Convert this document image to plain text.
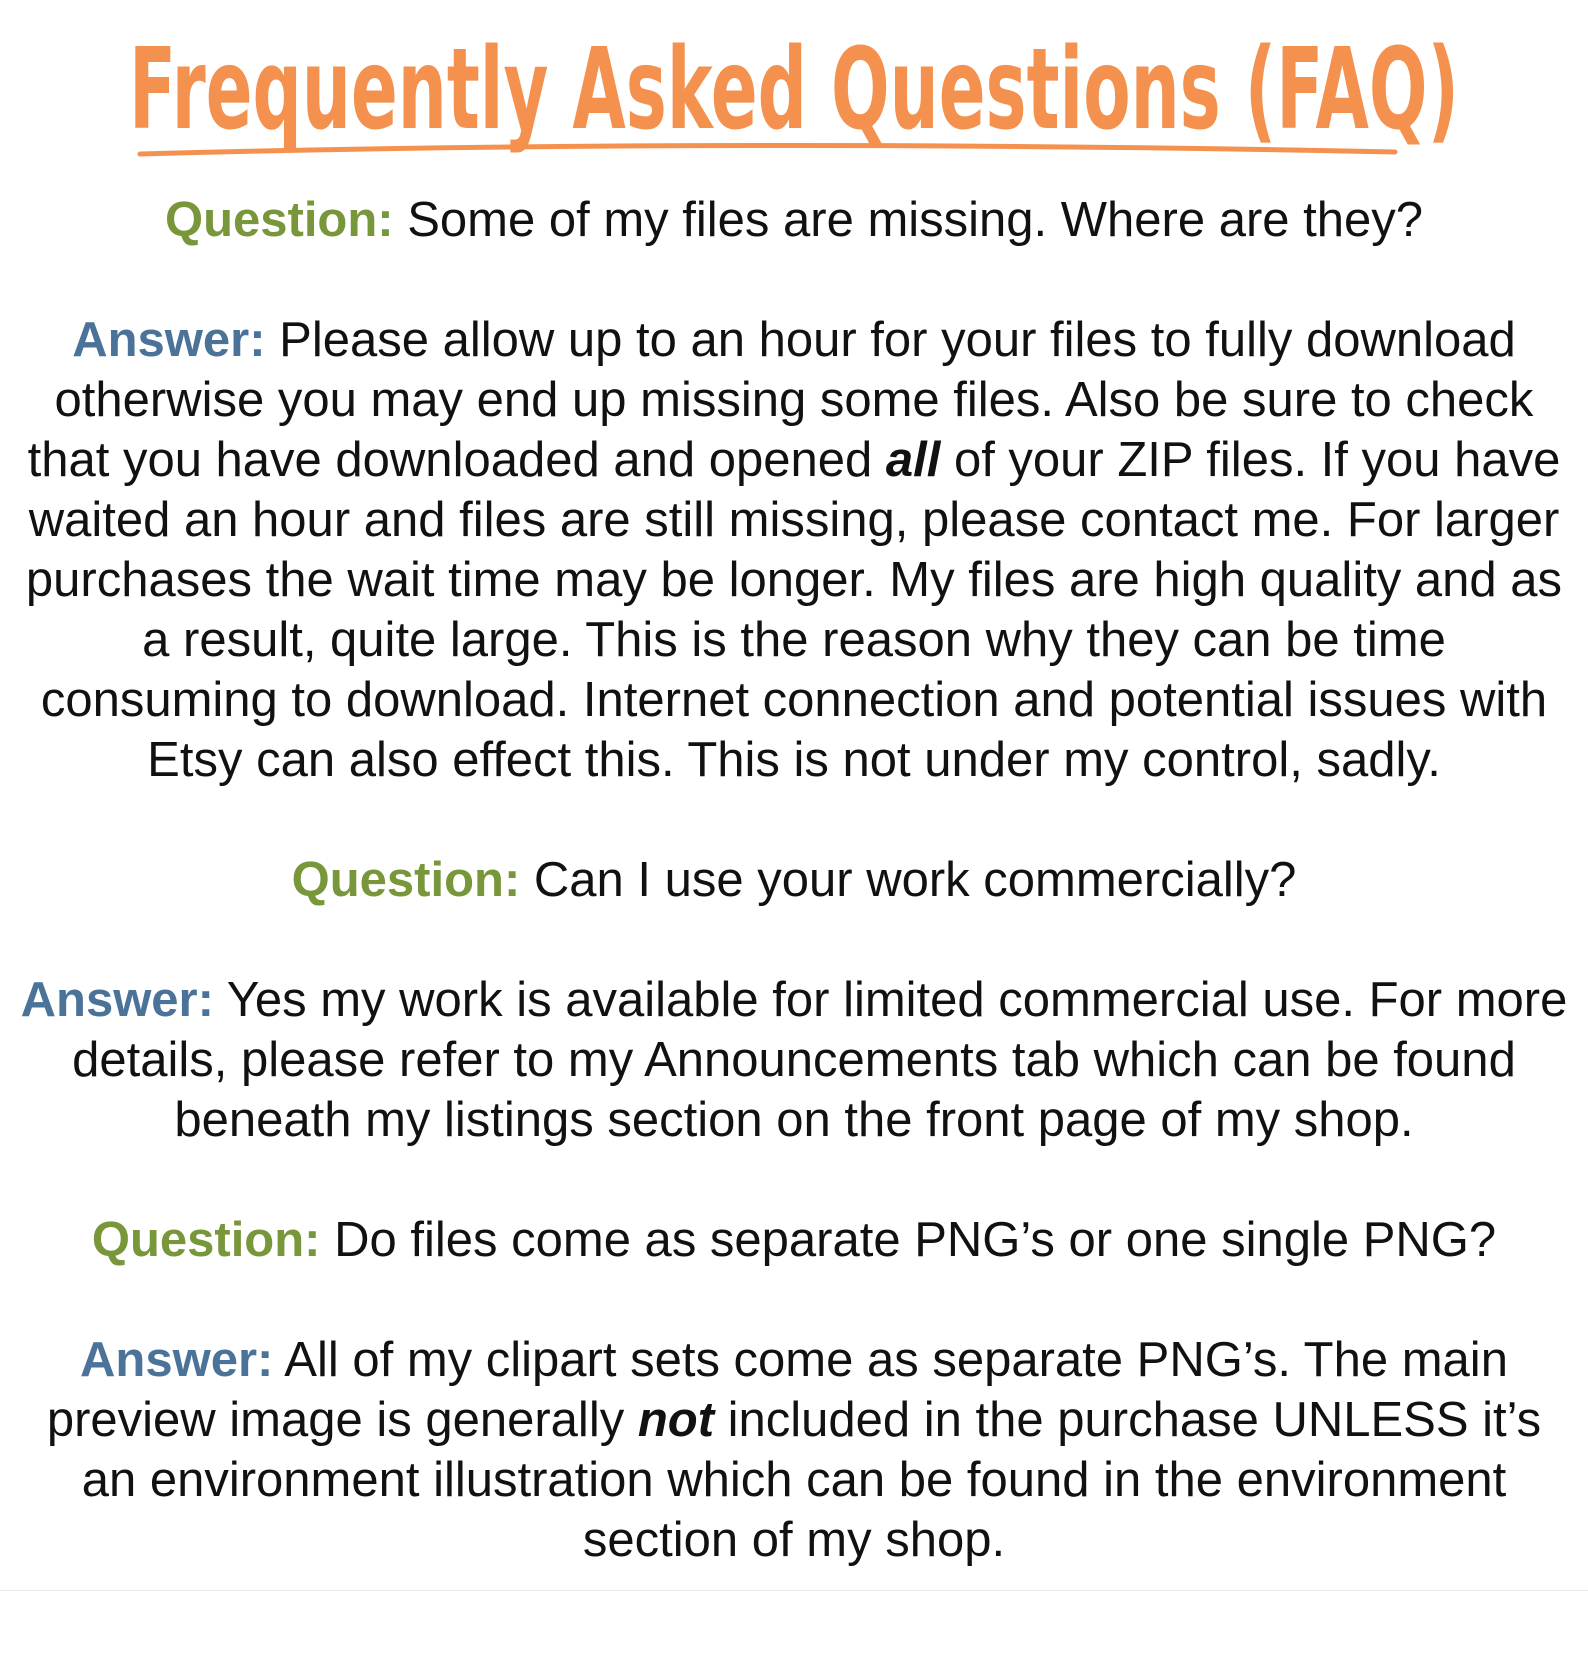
Frequently Asked Questions (FAQ)

Question: Some of my files are missing. Where are they?

Answer: Please allow up to an hour for your files to fully download otherwise you may end up missing some files. Also be sure to check that you have downloaded and opened all of your ZIP files. If you have waited an hour and files are still missing, please contact me. For larger purchases the wait time may be longer. My files are high quality and as a result, quite large. This is the reason why they can be time consuming to download. Internet connection and potential issues with Etsy can also effect this. This is not under my control, sadly.

Question: Can I use your work commercially?

Answer: Yes my work is available for limited commercial use. For more details, please refer to my Announcements tab which can be found beneath my listings section on the front page of my shop.

Question: Do files come as separate PNG’s or one single PNG?

Answer: All of my clipart sets come as separate PNG’s. The main preview image is generally not included in the purchase UNLESS it’s an environment illustration which can be found in the environment section of my shop.
